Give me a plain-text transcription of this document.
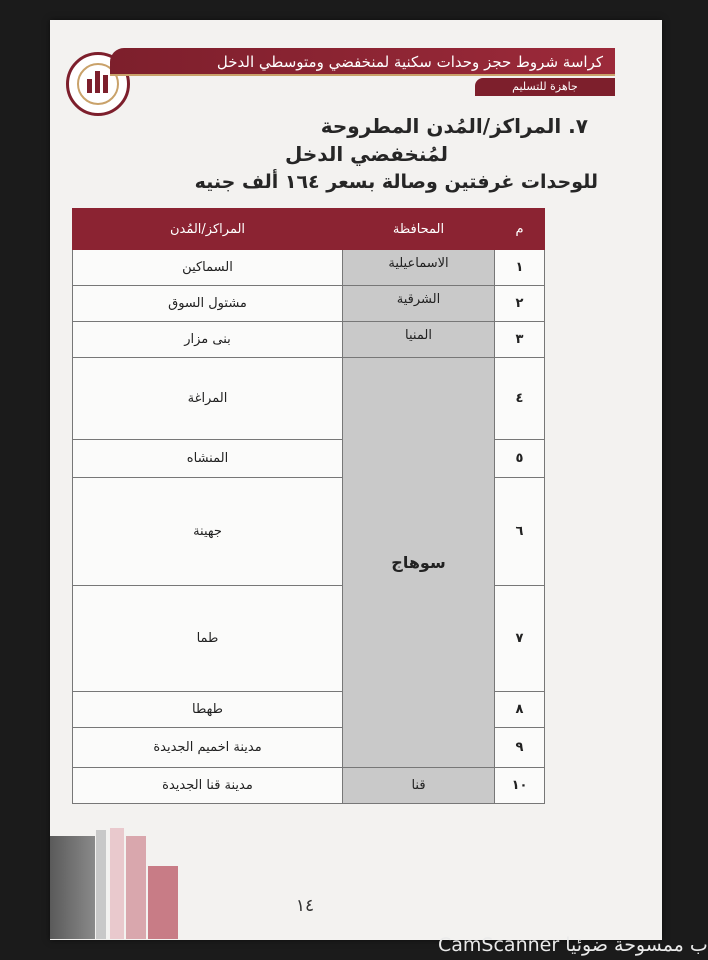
كراسة شروط حجز وحدات سكنية لمنخفضي ومتوسطي الدخل
جاهزة للتسليم
٧. المراكز/المُدن المطروحة
لمُنخفضي الدخل
للوحدات غرفتين وصالة بسعر ١٦٤ ألف جنيه
م	المحافظة	المراكز/المُدن
١	الاسماعيلية	السماكين
٢	الشرقية	مشتول السوق
٣	المنيا	بنى مزار
٤	سوهاج	المراغة
٥		المنشاه
٦		جهينة
٧		طما
٨		طهطا
٩		مدينة اخميم الجديدة
١٠	قنا	مدينة قنا الجديدة
١٤
CamScanner ب ممسوحة ضوئيا
